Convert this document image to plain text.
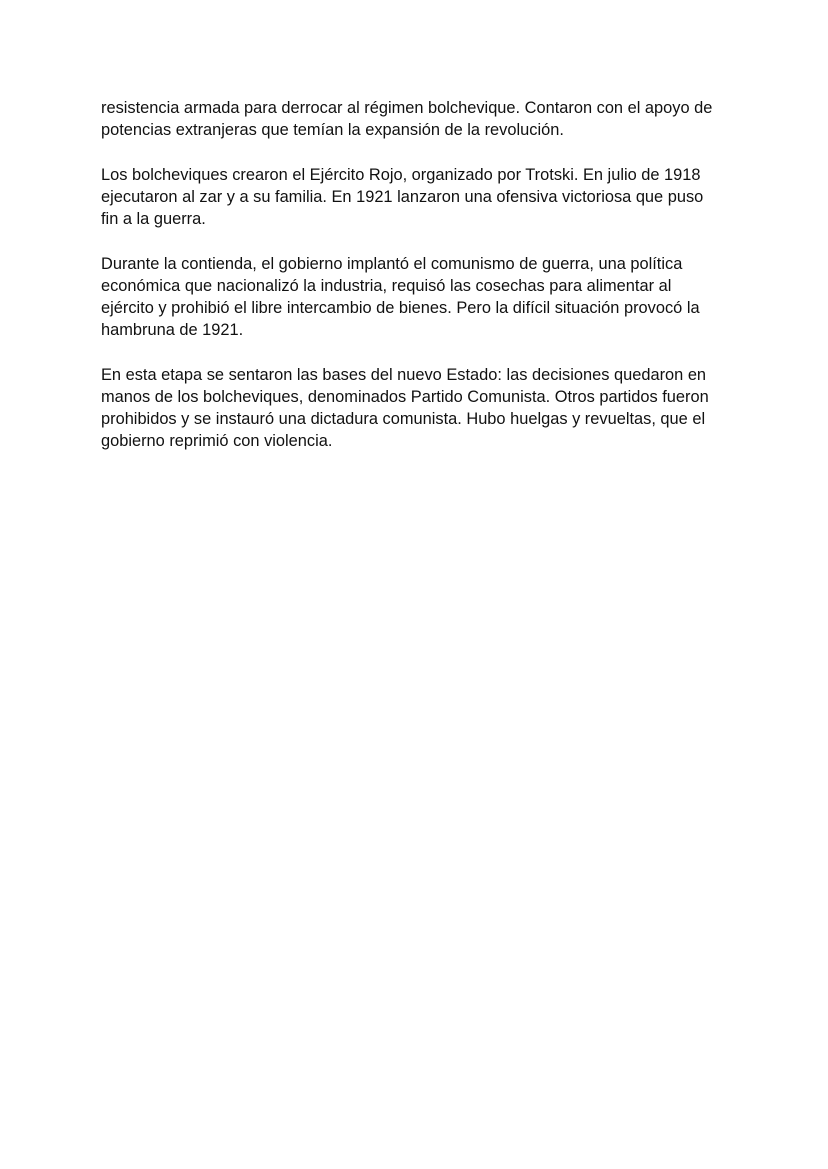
resistencia armada para derrocar al régimen bolchevique. Contaron con el apoyo de
potencias extranjeras que temían la expansión de la revolución.

Los bolcheviques crearon el Ejército Rojo, organizado por Trotski. En julio de 1918
ejecutaron al zar y a su familia. En 1921 lanzaron una ofensiva victoriosa que puso
fin a la guerra.

Durante la contienda, el gobierno implantó el comunismo de guerra, una política
económica que nacionalizó la industria, requisó las cosechas para alimentar al
ejército y prohibió el libre intercambio de bienes. Pero la difícil situación provocó la
hambruna de 1921.

En esta etapa se sentaron las bases del nuevo Estado: las decisiones quedaron en
manos de los bolcheviques, denominados Partido Comunista. Otros partidos fueron
prohibidos y se instauró una dictadura comunista. Hubo huelgas y revueltas, que el
gobierno reprimió con violencia.
